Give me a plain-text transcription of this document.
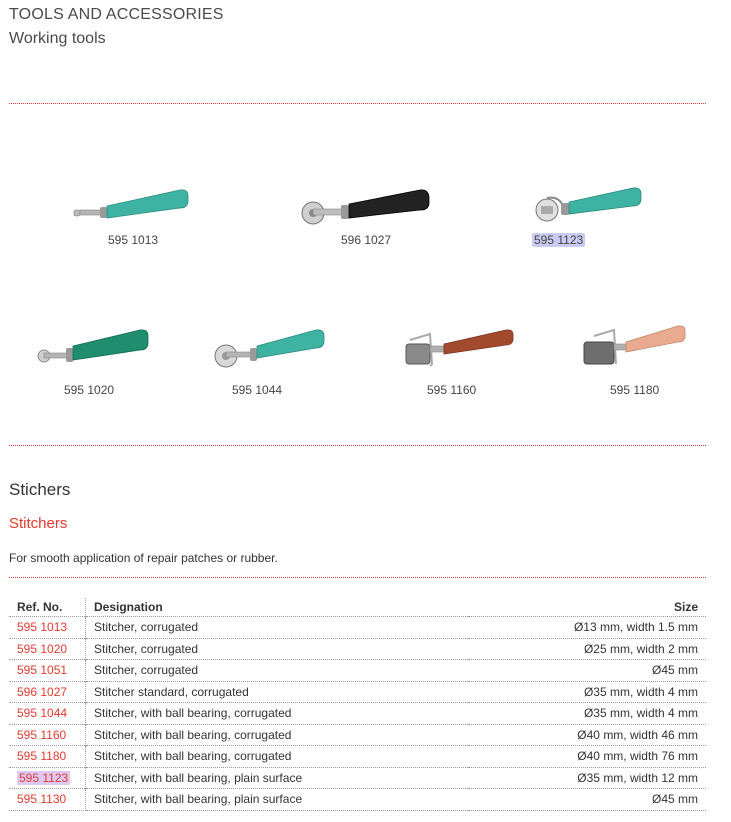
TOOLS AND ACCESSORIES
Working tools
595 1013	596 1027	595 1123
595 1020	595 1044	595 1160	595 1180
Stichers
Stitchers
For smooth application of repair patches or rubber.
Ref. No.	Designation	Size
595 1013	Stitcher, corrugated	Ø13 mm, width 1.5 mm
595 1020	Stitcher, corrugated	Ø25 mm, width 2 mm
595 1051	Stitcher, corrugated	Ø45 mm
596 1027	Stitcher standard, corrugated	Ø35 mm, width 4 mm
595 1044	Stitcher, with ball bearing, corrugated	Ø35 mm, width 4 mm
595 1160	Stitcher, with ball bearing, corrugated	Ø40 mm, width 46 mm
595 1180	Stitcher, with ball bearing, corrugated	Ø40 mm, width 76 mm
595 1123	Stitcher, with ball bearing, plain surface	Ø35 mm, width 12 mm
595 1130	Stitcher, with ball bearing, plain surface	Ø45 mm
